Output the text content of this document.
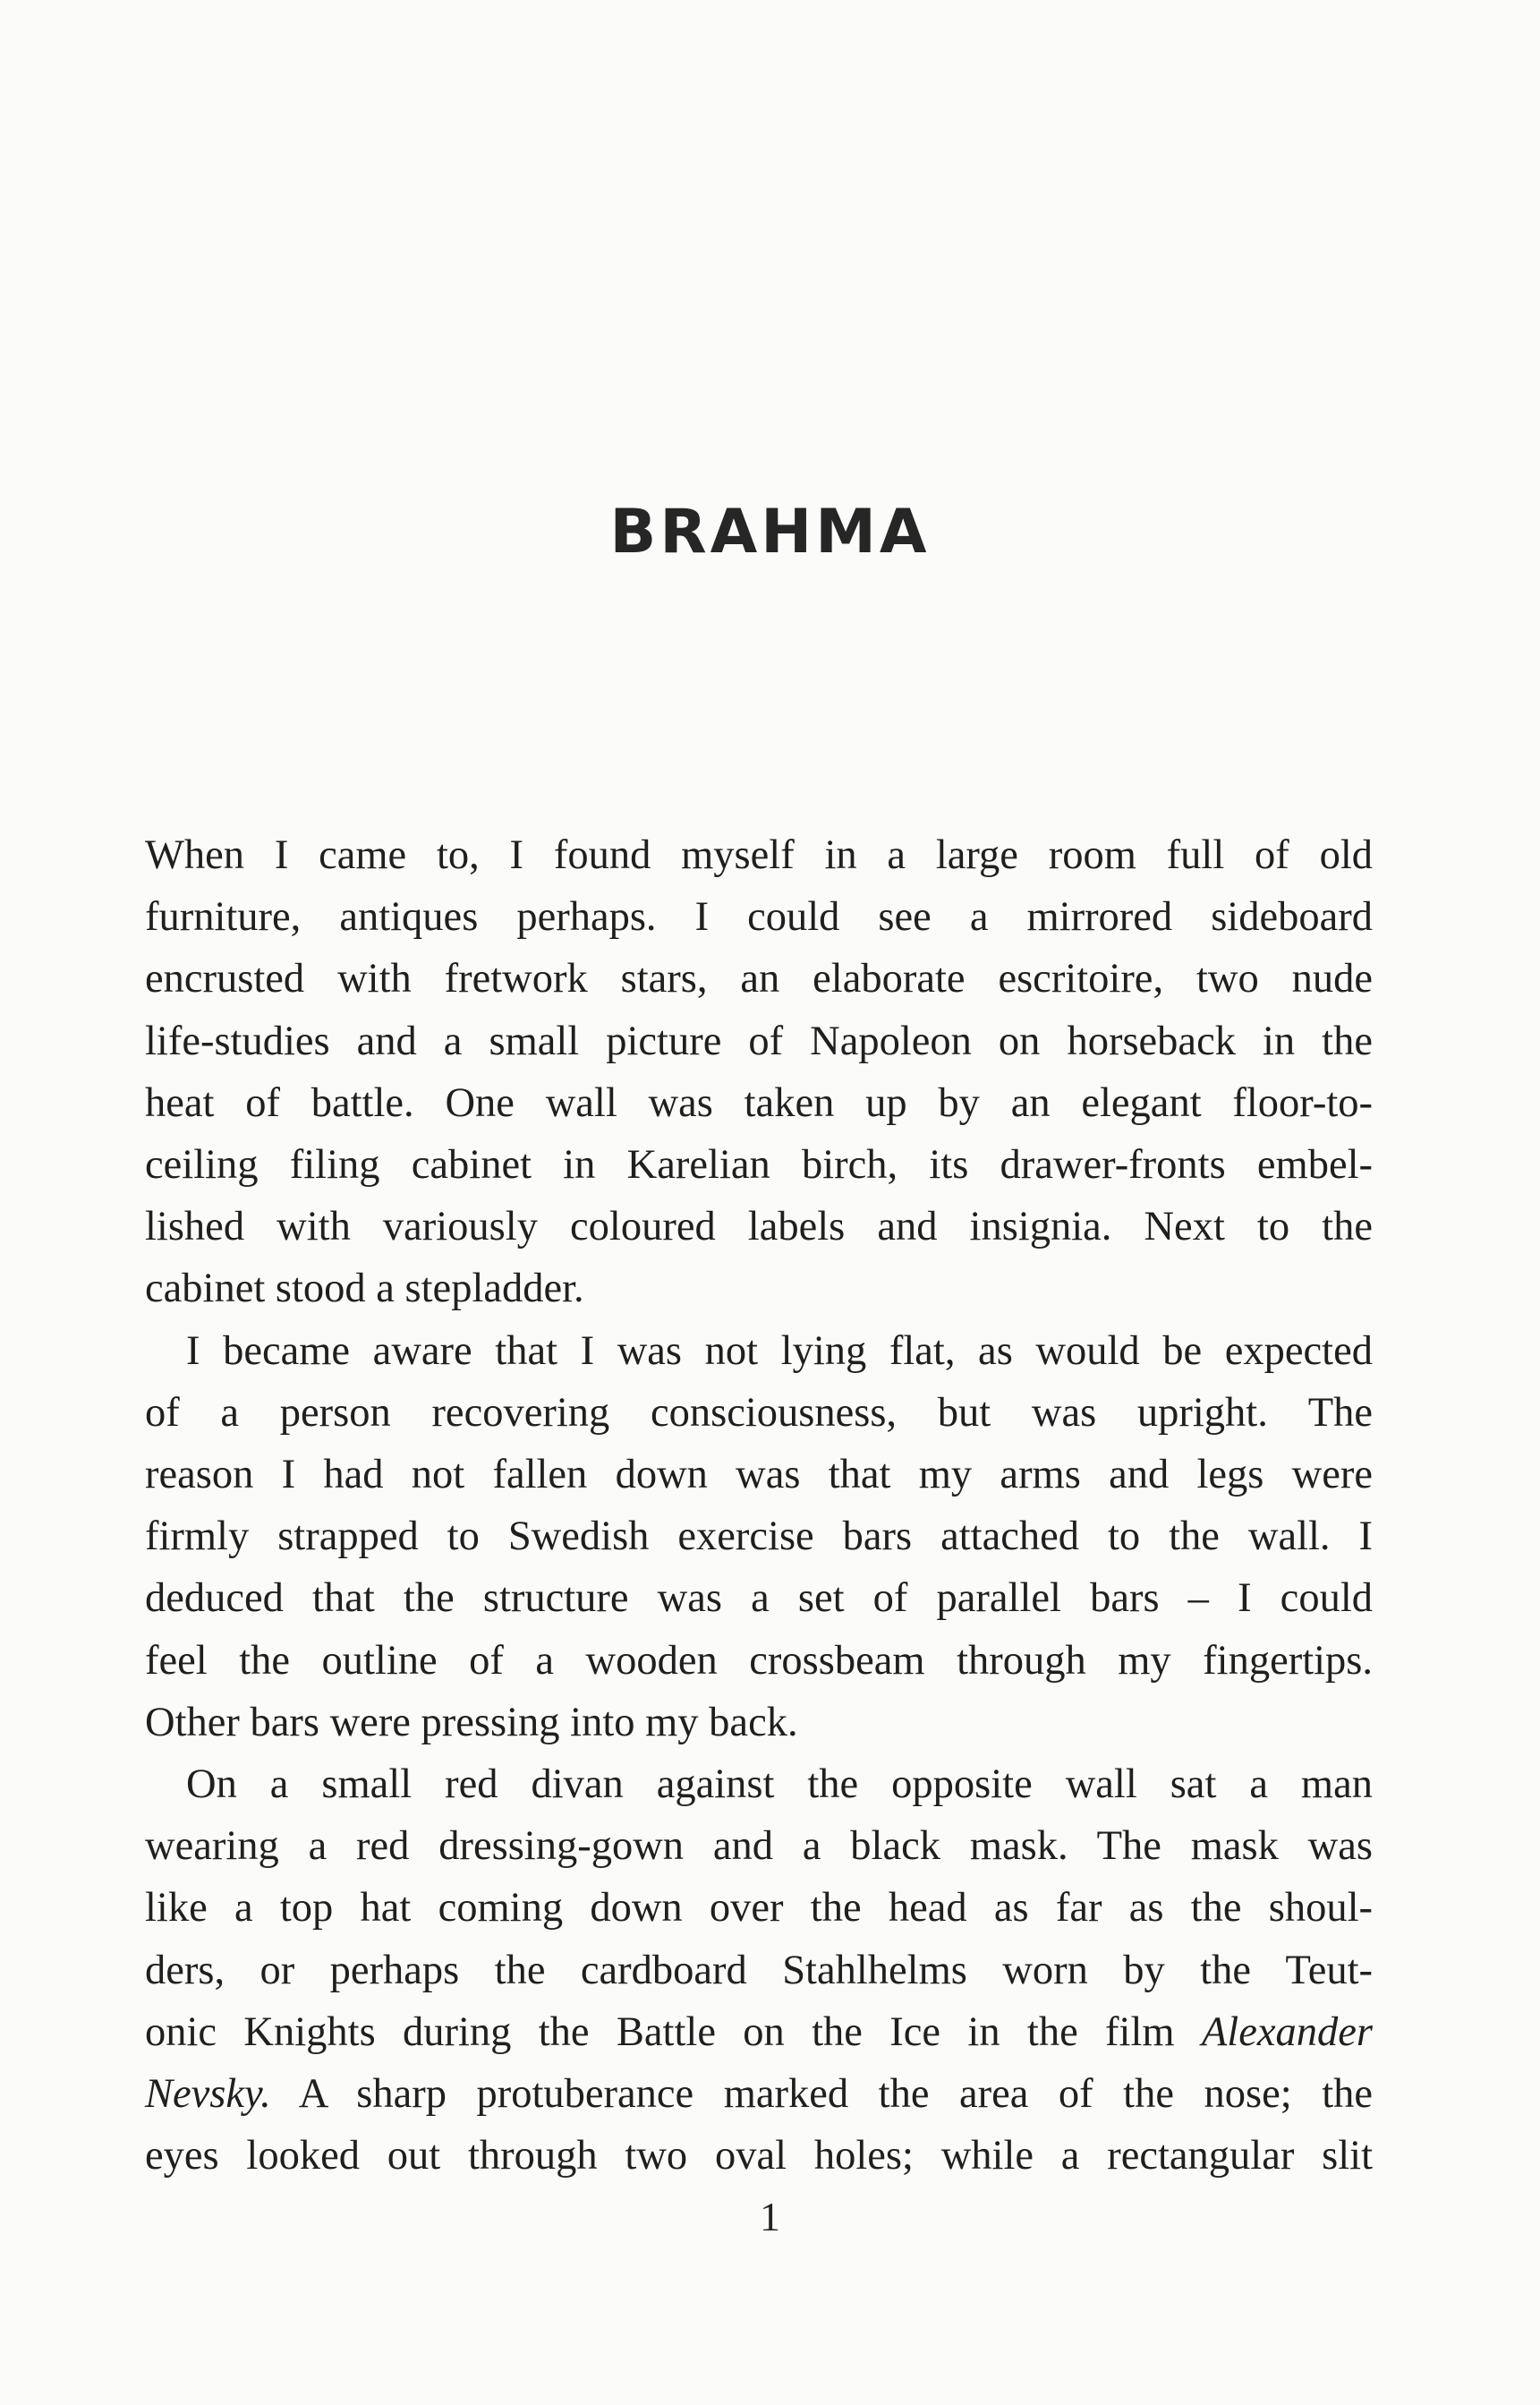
BRAHMA

When I came to, I found myself in a large room full of old
furniture, antiques perhaps. I could see a mirrored sideboard
encrusted with fretwork stars, an elaborate escritoire, two nude
life-studies and a small picture of Napoleon on horseback in the
heat of battle. One wall was taken up by an elegant floor-to-
ceiling filing cabinet in Karelian birch, its drawer-fronts embel-
lished with variously coloured labels and insignia. Next to the
cabinet stood a stepladder.

I became aware that I was not lying flat, as would be expected
of a person recovering consciousness, but was upright. The
reason I had not fallen down was that my arms and legs were
firmly strapped to Swedish exercise bars attached to the wall. I
deduced that the structure was a set of parallel bars – I could
feel the outline of a wooden crossbeam through my fingertips.
Other bars were pressing into my back.

On a small red divan against the opposite wall sat a man
wearing a red dressing-gown and a black mask. The mask was
like a top hat coming down over the head as far as the shoul-
ders, or perhaps the cardboard Stahlhelms worn by the Teut-
onic Knights during the Battle on the Ice in the film Alexander
Nevsky. A sharp protuberance marked the area of the nose; the
eyes looked out through two oval holes; while a rectangular slit

1
